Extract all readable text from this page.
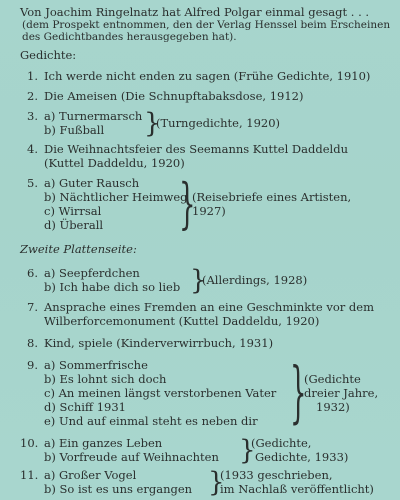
Von Joachim Ringelnatz hat Alfred Polgar einmal gesagt . . .
(dem Prospekt entnommen, den der Verlag Henssel beim Erscheinen
des Gedichtbandes herausgegeben hat).
Gedichte:
1. Ich werde nicht enden zu sagen (Frühe Gedichte, 1910)
2. Die Ameisen (Die Schnupftabaksdose, 1912)
3. a) Turnermarsch
b) Fußball	}
(Turngedichte, 1920)
4. Die Weihnachtsfeier des Seemanns Kuttel Daddeldu
(Kuttel Daddeldu, 1920)
5. a) Guter Rausch
b) Nächtlicher Heimweg
c) Wirrsal
d) Überall	}
(Reisebriefe eines Artisten,
1927)
Zweite Plattenseite:
6. a) Seepferdchen
b) Ich habe dich so lieb }
(Allerdings, 1928)
7. Ansprache eines Fremden an eine Geschminkte vor dem
Wilberforcemonument (Kuttel Daddeldu, 1920)
8. Kind, spiele (Kinderverwirrbuch, 1931)
9. a) Sommerfrische
b) Es lohnt sich doch
c) An meinen längst verstorbenen Vater
d) Schiff 1931
e) Und auf einmal steht es neben dir	}
(Gedichte
dreier Jahre,
1932)
10. a) Ein ganzes Leben
b) Vorfreude auf Weihnachten }
(Gedichte,
Gedichte, 1933)
11. a) Großer Vogel
b) So ist es uns ergangen }
(1933 geschrieben,
im Nachlaß veröffentlicht)
